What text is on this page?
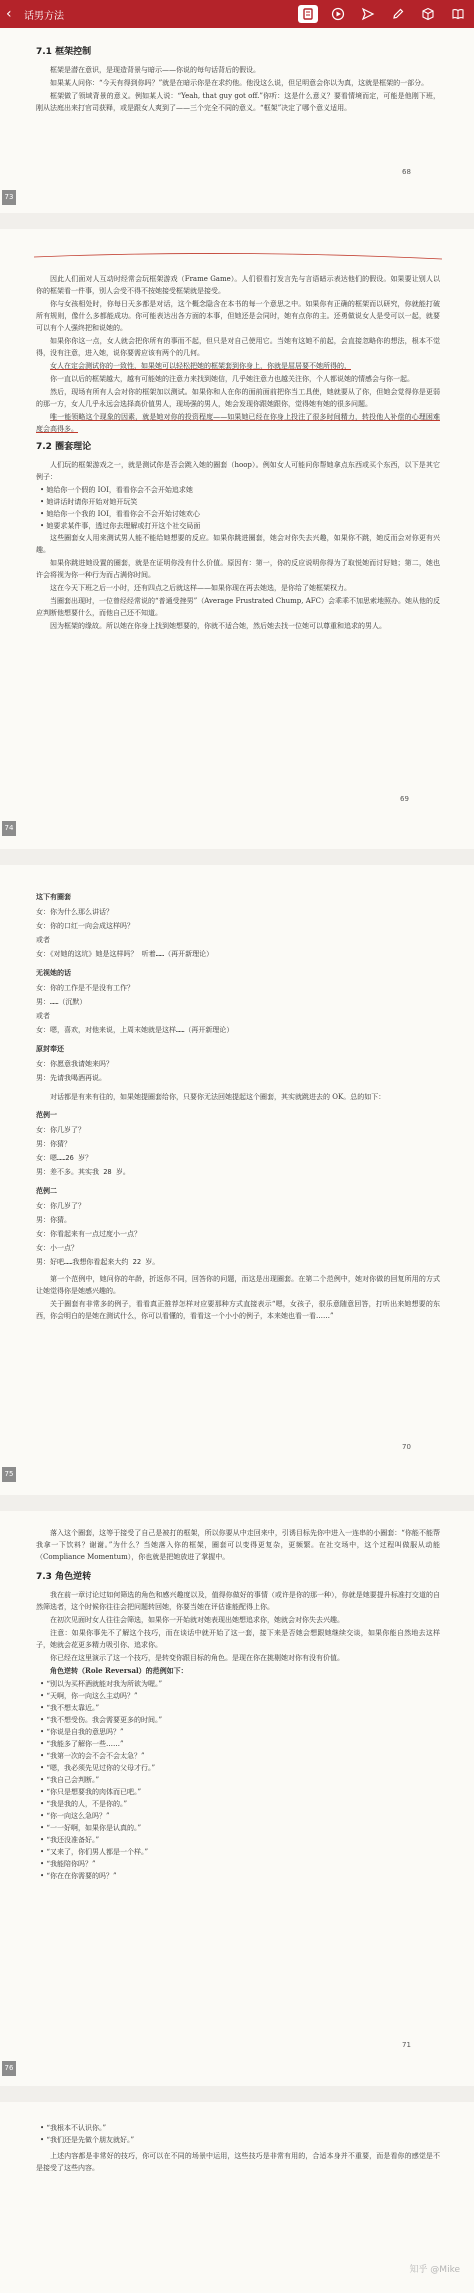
‹	话男方法
7.1 框架控制

框架是潜在意识，是现造背景与暗示——你说的每句话背后的假设。

如果某人问你：“今天有得到你吗？”就是在暗示你是在求约他。他没这么说，但足明意会你以为真，这就是框架的一部分。

框架做了领域背景的意义。例如某人说：“Yeah, that guy got off.”你听：这是什么意义？要看情境而定，可能是他刚下班，刚从法庭出来打官司获释，或是跟女人爽到了——三个完全不同的意义。“框架”决定了哪个意义适用。

73
68

因此人们面对人互动时经常会玩框架游戏（Frame Game）。人们很看打发言先与言语暗示表达他们的假设。如果要让别人以你的框架看一件事，别人会受不得不按她接受框架就是接受。

你与女孩相处时，你每日天多都是对话，这个概念隐含在本书的每一个意思之中。如果你有正确的框架而以研究，你就能打破所有规则，像什么多都能成功。你可能表达出各方面的本事，但她还是会同时，她有点你的主。还勇做说女人是受可以一起，就要可以有个人强终把和说她的。

如果你你这一点，女人就会把你所有的事而不起，但只是对自己使用它。当她有这她不前起，会直接忽略你的想法，根本不觉得，没有注意，进入她，说你要需应该有两个的几何。

女人在定会测试你的一致性，如果她可以轻松把她的框架套到你身上，你就是屈居要不她所得的，

你一直以后的框架越大，越有可能她的注意力来找到她信，几乎她注意力也越关注你，个人都说她的情感会与你一起。

然后，现场有所有人会对你的框架加以测试。如果你和人在你的面前面前把你当工具使，她就要从了你，但她会觉得你是更弱的那一方，女人几乎永远会选择高价值男人，现场强的男人，她会发现你跟她跟你，觉得她有她的很多问题。

唯一能领略这个现象的因素，就是她对你的投资程度——如果她已经在你身上投注了很多时间精力，转投他人补偿的心理困难度会高得多。

7.2 圈套理论

人们玩的框架游戏之一，就是测试你是否会跳入她的圈套（hoop）。例如女人可能问你帮她拿点东西或买个东西，以下是其它例子：

• 她给你一个假的 IOI，看看你会不会开始追求她

• 她讲话时请你开始对她开玩笑

• 她给你一个我的 IOI，看看你会不会开始讨她欢心

• 她要求某件事，透过你去理解或打开这个社交局面

这些圈套女人用来测试男人能不能给她想要的反应。如果你跳进圈套，她会对你失去兴趣，如果你不跳，她反而会对你更有兴趣。

如果你跳进她设置的圈套，就是在证明你没有什么价值。原因有：第一，你的反应说明你得为了取悦她而讨好她；第二，她也许会将视为你一种行为而占满你时间。

这在今天下班之后一小时，还有四点之后就这样——如果你现在再去她选，是你给了她框架权力。

当圈套出现时，一位曾经经常说的“普通受挫男”（Average Frustrated Chump, AFC）会乖乖不加思索地照办。她从他的反应判断他想要什么，而他自己还不知道。

因为框架的缘故。所以她在你身上找到她想要的，你就不适合她，然后她去找一位她可以尊重和追求的男人。

74
69
这下有圈套

女：你为什么那么讲话？

女：你的口红一向会成这样吗？

或者

女：《对她的这坑》她是这样吗？ 听着……（再开新理论）

无视她的话

女：你的工作是不是没有工作？

男：……（沉默）

或者

女：嗯，喜欢，对他来说，上周末她就是这样……（再开新理论）

原封奉还

女：你愿意我请她来吗？

男：先请我喝酒再说。

对话都是有来有往的，如果她提圈套给你，只要你无法回她提起这个圈套，其实就跳进去的 OK。总的如下：

范例一

女：你几岁了？

男：你猜？

女：嗯……26 岁？

男：差不多。其实我 28 岁。

范例二

女：你几岁了？

男：你猜。

女：你看起来有一点过度小一点？

女：小一点？

男：好吧……我想你看起来大约 22 岁。

第一个范例中，她问你的年龄，折返你不同，回答你的问题，而这是出现圈套。在第二个范例中，她对你做的回复所用的方式让她觉得你是她感兴趣的。

关于圈套有非常多的例子，看看真正推荐怎样对应要那种方式直接表示“嗯，女孩子，很乐意随意回答，打听出来她想要的东西，你会明白的是她在测试什么，你可以看懂的，看看这一个小小的例子，本来她也看一看……”

75
70

落入这个圈套，这等于接受了自己是被打的框架，所以你要从中走回来中，引诱目标先你中进入一连串的小圈套：“你能不能帮我拿一下饮料？谢谢。”为什么？当她落入你的框架，圈套可以变得更复杂，更频繁。在社交场中，这个过程叫做服从动能（Compliance Momentum），你也就是把她放进了掌握中。

7.3 角色逆转

我在前一章讨论过如何筛选的角色和感兴趣度以及，值得你做好的事情（或许是你的那一种），你就是她要提升标准打交道的自然筛选者，这个时候你往往会把问题转回她，你要当她在评估谁能配得上你。

在初次见面时女人往往会筛选，如果你一开始就对她表现出她想追求你，她就会对你失去兴趣。

注意：如果你事先不了解这个技巧，而在谈话中就开始了这一套，接下来是否她会想跟她继续交谈，如果你能自然地去这样子，她就会花更多精力吸引你、追求你。

你已经在这里演示了这一个技巧，是转变你跟目标的角色。是现在你在挑剔她对你有没有价值。

角色逆转（Role Reversal）的范例如下：

• “别以为买杯酒就能对我为所欲为喔。”

• “天啊，你一向这么主动吗？”

• “我不想太靠近。”

• “我不想受伤。我会需要更多的时间。”

• “你说是自我的意思吗？”

• “我能多了解你一些……”

• “我第一次的会不会不会太急？”

• “嗯，我必须先见过你的父母才行。”

• “我自己会判断。”

• “你只是想要我的肉体而已吧。”

• “我是我的人，不是你的。”

• “你一向这么急吗？”

• “一一好啊，如果你是认真的。”

• “我还没准备好。”

• “又来了，你们男人都是一个样。”

• “我能陪你吗？”

• “你在在你需要的吗？”

76
71

• “我根本不认识你。”

• “我们还是先做个朋友就好。”

上述内容都是非常好的技巧，你可以在不同的场景中运用，这些技巧是非常有用的，合适本身并不重要，而是看你的感觉是不是接受了这些内容。

知乎 @Mike
